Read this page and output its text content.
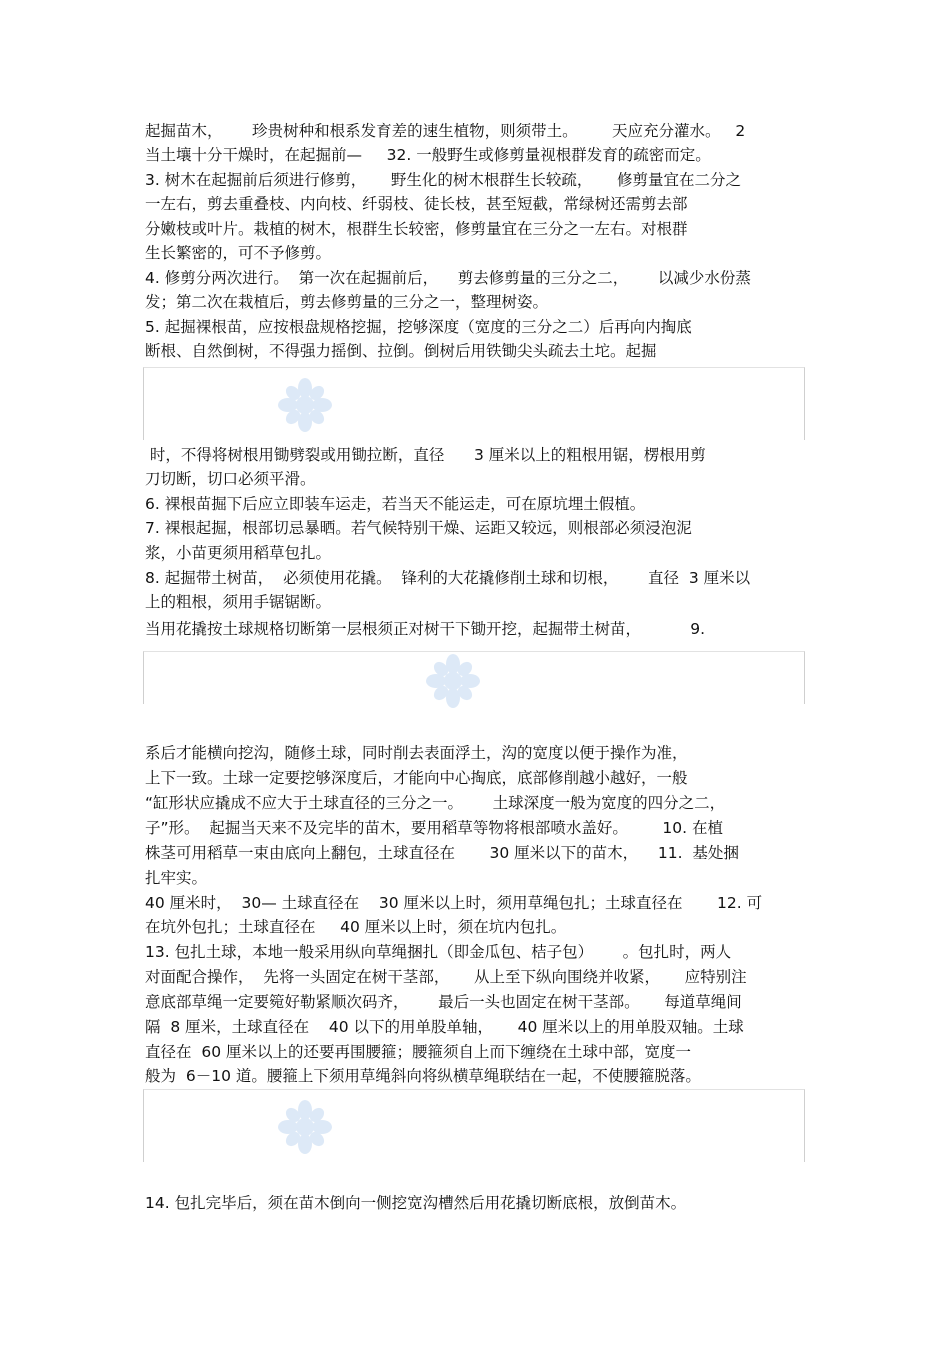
起掘苗木，      珍贵树种和根系发育差的速生植物，则须带土。       天应充分灌水。   2
当土壤十分干燥时，在起掘前—     32. 一般野生或修剪量视根群发育的疏密而定。
3. 树木在起掘前后须进行修剪，     野生化的树木根群生长较疏，     修剪量宜在二分之
一左右，剪去重叠枝、内向枝、纤弱枝、徒长枝，甚至短截，常绿树还需剪去部
分嫩枝或叶片。栽植的树木，根群生长较密，修剪量宜在三分之一左右。对根群
生长繁密的，可不予修剪。
4. 修剪分两次进行。  第一次在起掘前后，    剪去修剪量的三分之二，      以减少水份蒸
发；第二次在栽植后，剪去修剪量的三分之一，整理树姿。
5. 起掘裸根苗，应按根盘规格挖掘，挖够深度（宽度的三分之二）后再向内掏底
断根、自然倒树，不得强力摇倒、拉倒。倒树后用铁锄尖头疏去土坨。起掘
时，不得将树根用锄劈裂或用锄拉断，直径      3 厘米以上的粗根用锯，楞根用剪
刀切断，切口必须平滑。
6. 裸根苗掘下后应立即装车运走，若当天不能运走，可在原坑埋土假植。
7. 裸根起掘，根部切忌暴晒。若气候特别干燥、运距又较远，则根部必须浸泡泥
浆，小苗更须用稻草包扎。
8. 起掘带土树苗，  必须使用花撬。  锋利的大花撬修削土球和切根，      直径  3 厘米以
上的粗根，须用手锯锯断。
当用花撬按土球规格切断第一层根须正对树干下锄开挖，起掘带土树苗，          9.
系后才能横向挖沟，随修土球，同时削去表面浮土，沟的宽度以便于操作为准，
上下一致。土球一定要挖够深度后，才能向中心掏底，底部修削越小越好，一般
“缸形状应撬成不应大于土球直径的三分之一。      土球深度一般为宽度的四分之二，
子”形。  起掘当天来不及完毕的苗木，要用稻草等物将根部喷水盖好。       10. 在植
株茎可用稻草一束由底向上翻包，土球直径在       30 厘米以下的苗木，    11.  基处捆
扎牢实。
40 厘米时，  30— 土球直径在    30 厘米以上时，须用草绳包扎；土球直径在       12. 可
在坑外包扎；土球直径在     40 厘米以上时，须在坑内包扎。
13. 包扎土球，本地一般采用纵向草绳捆扎（即金瓜包、桔子包）      。包扎时，两人
对面配合操作，  先将一头固定在树干茎部，     从上至下纵向围绕并收紧，     应特别注
意底部草绳一定要箢好勒紧顺次码齐，      最后一头也固定在树干茎部。     每道草绳间
隔  8 厘米，土球直径在    40 以下的用单股单轴，     40 厘米以上的用单股双轴。土球
直径在  60 厘米以上的还要再围腰箍；腰箍须自上而下缠绕在土球中部，宽度一
般为  6－10 道。腰箍上下须用草绳斜向将纵横草绳联结在一起，不使腰箍脱落。
14. 包扎完毕后，须在苗木倒向一侧挖宽沟槽然后用花撬切断底根，放倒苗木。
